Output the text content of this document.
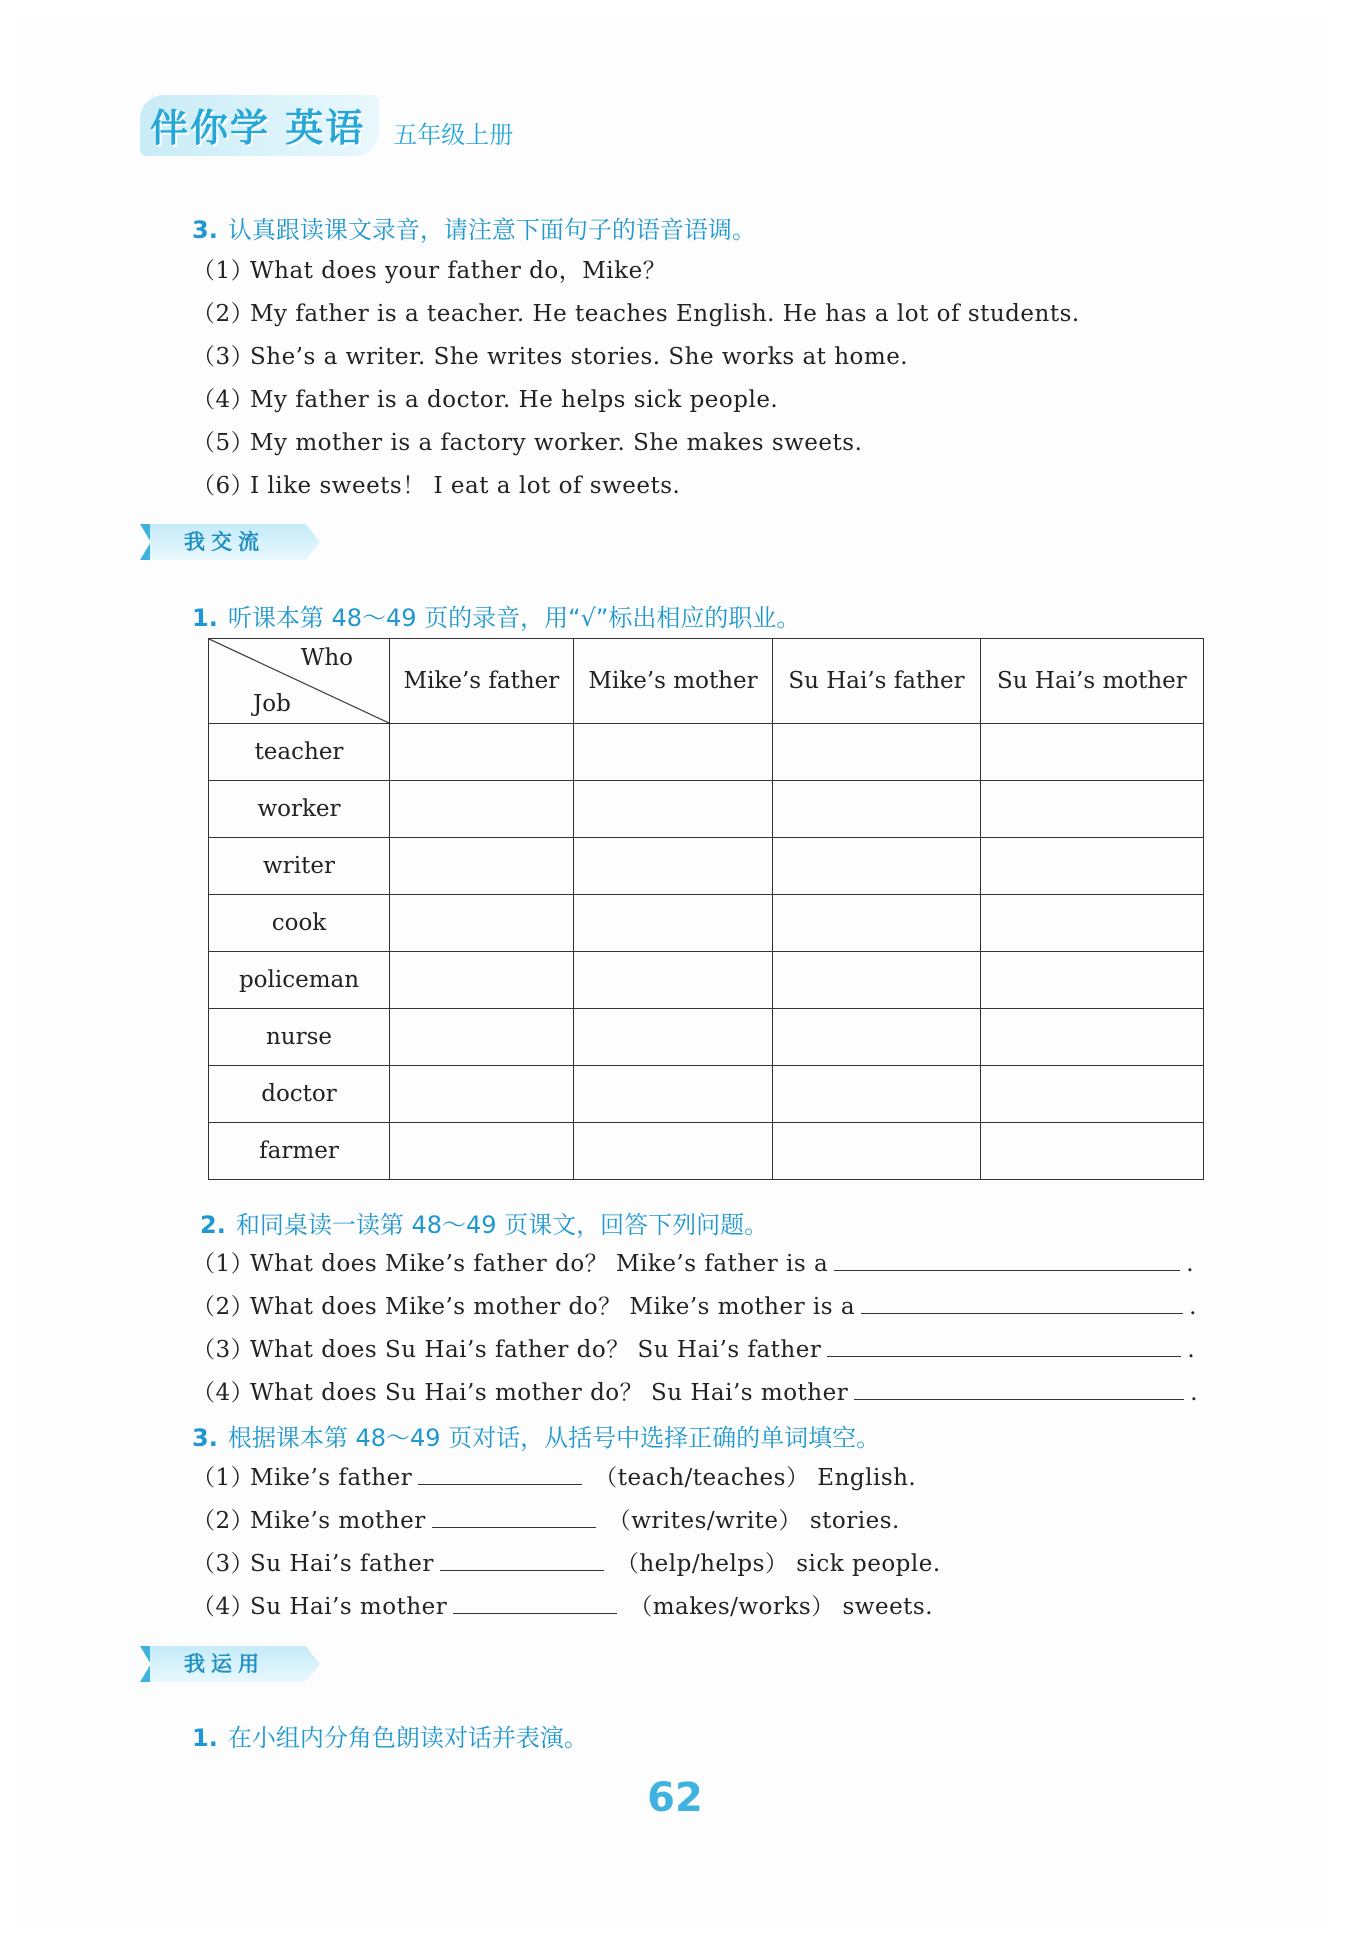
伴你学 英语	五年级上册
3. 认真跟读课文录音，请注意下面句子的语音语调。
（1）What does your father do，Mike？
（2）My father is a teacher. He teaches English. He has a lot of students.
（3）She’s a writer. She writes stories. She works at home.
（4）My father is a doctor. He helps sick people.
（5）My mother is a factory worker. She makes sweets.
（6）I like sweets！ I eat a lot of sweets.
我交流
1. 听课本第 48～49 页的录音，用“√”标出相应的职业。
Who
Job	Mike’s father	Mike’s mother	Su Hai’s father	Su Hai’s mother
teacher				
worker				
writer				
cook				
policeman				
nurse				
doctor				
farmer				
2. 和同桌读一读第 48～49 页课文，回答下列问题。
（1）What does Mike’s father do？ Mike’s father is a	.
（2）What does Mike’s mother do？ Mike’s mother is a	.
（3）What does Su Hai’s father do？ Su Hai’s father	.
（4）What does Su Hai’s mother do？ Su Hai’s mother	.
3. 根据课本第 48～49 页对话，从括号中选择正确的单词填空。
（1）Mike’s father	（teach/teaches） English.
（2）Mike’s mother	（writes/write） stories.
（3）Su Hai’s father	（help/helps） sick people.
（4）Su Hai’s mother	（makes/works） sweets.
我运用
1. 在小组内分角色朗读对话并表演。
62
